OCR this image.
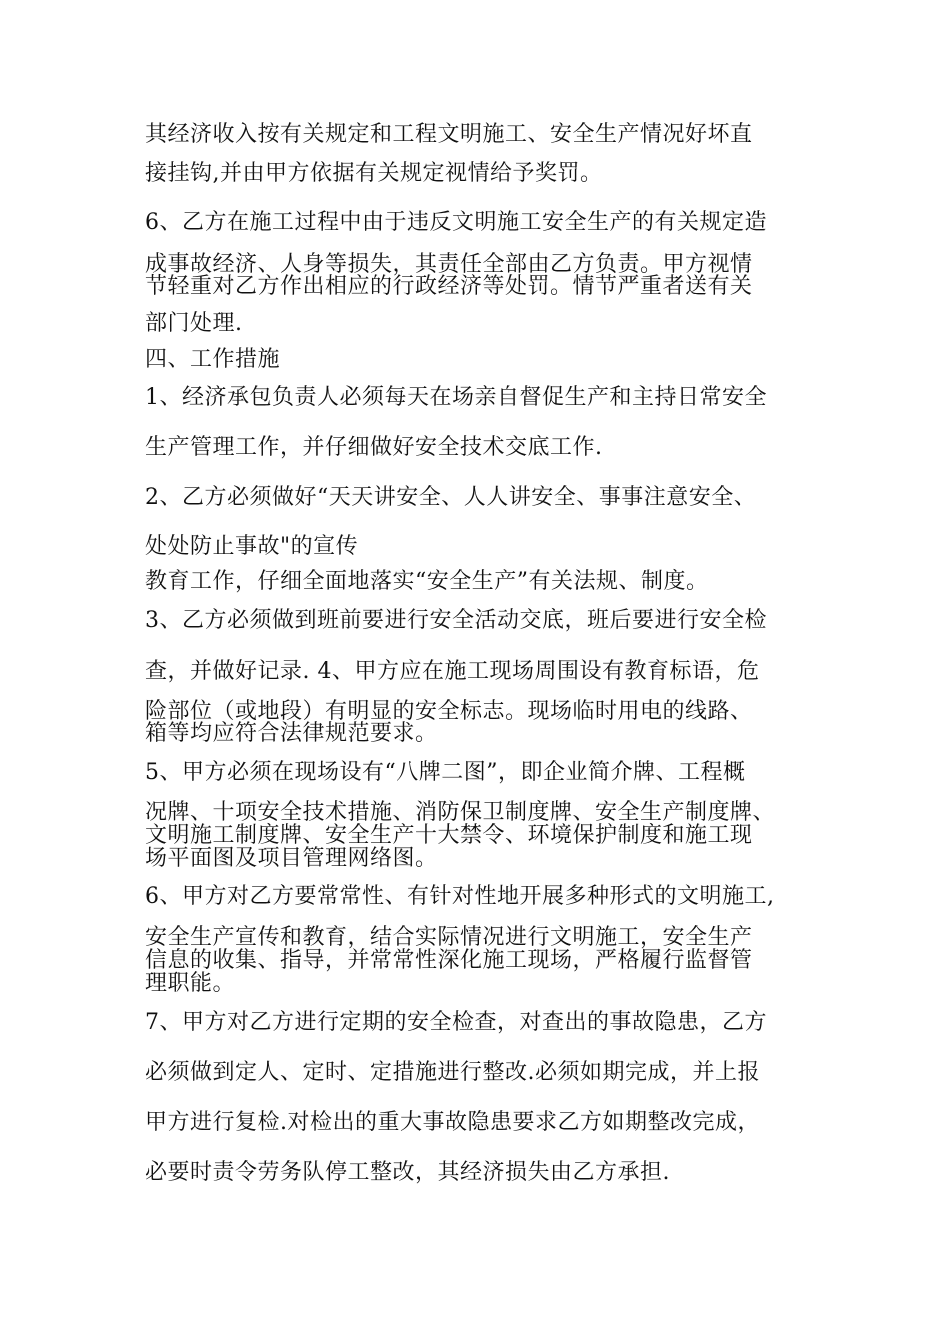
其经济收入按有关规定和工程文明施工、安全生产情况好坏直
接挂钩,并由甲方依据有关规定视情给予奖罚。
6、乙方在施工过程中由于违反文明施工安全生产的有关规定造
成事故经济、人身等损失，其责任全部由乙方负责。甲方视情
节轻重对乙方作出相应的行政经济等处罚。情节严重者送有关
部门处理.
四、工作措施
1、经济承包负责人必须每天在场亲自督促生产和主持日常安全
生产管理工作，并仔细做好安全技术交底工作.
2、乙方必须做好“天天讲安全、人人讲安全、事事注意安全、
处处防止事故"的宣传
教育工作，仔细全面地落实“安全生产”有关法规、制度。
3、乙方必须做到班前要进行安全活动交底，班后要进行安全检
查，并做好记录. 4、甲方应在施工现场周围设有教育标语，危
险部位（或地段）有明显的安全标志。现场临时用电的线路、
箱等均应符合法律规范要求。
5、甲方必须在现场设有“八牌二图”，即企业简介牌、工程概
况牌、十项安全技术措施、消防保卫制度牌、安全生产制度牌、
文明施工制度牌、安全生产十大禁令、环境保护制度和施工现
场平面图及项目管理网络图。
6、甲方对乙方要常常性、有针对性地开展多种形式的文明施工,
安全生产宣传和教育，结合实际情况进行文明施工，安全生产
信息的收集、指导，并常常性深化施工现场，严格履行监督管
理职能。
7、甲方对乙方进行定期的安全检查，对查出的事故隐患，乙方
必须做到定人、定时、定措施进行整改.必须如期完成，并上报
甲方进行复检.对检出的重大事故隐患要求乙方如期整改完成，
必要时责令劳务队停工整改，其经济损失由乙方承担.
